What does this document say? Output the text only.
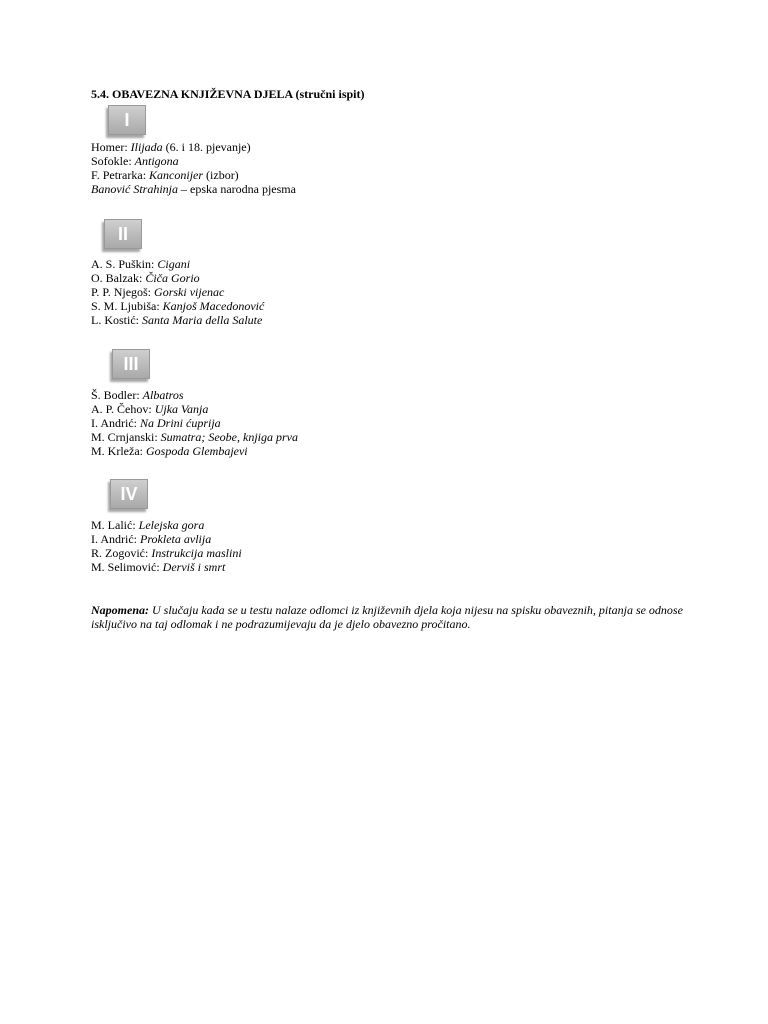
5.4. OBAVEZNA KNJIŽEVNA DJELA (stručni ispit)
I
Homer: Ilijada (6. i 18. pjevanje)
Sofokle: Antigona
F. Petrarka: Kanconijer (izbor)
Banović Strahinja – epska narodna pjesma
II
A. S. Puškin: Cigani
O. Balzak: Čiča Gorio
P. P. Njegoš: Gorski vijenac
S. M. Ljubiša: Kanjoš Macedonović
L. Kostić: Santa Maria della Salute
III
Š. Bodler: Albatros
A. P. Čehov: Ujka Vanja
I. Andrić: Na Drini ćuprija
M. Crnjanski: Sumatra; Seobe, knjiga prva
M. Krleža: Gospoda Glembajevi
IV
M. Lalić: Lelejska gora
I. Andrić: Prokleta avlija
R. Zogović: Instrukcija maslini
M. Selimović: Derviš i smrt
Napomena: U slučaju kada se u testu nalaze odlomci iz književnih djela koja nijesu na spisku obaveznih, pitanja se odnose isključivo na taj odlomak i ne podrazumijevaju da je djelo obavezno pročitano.
